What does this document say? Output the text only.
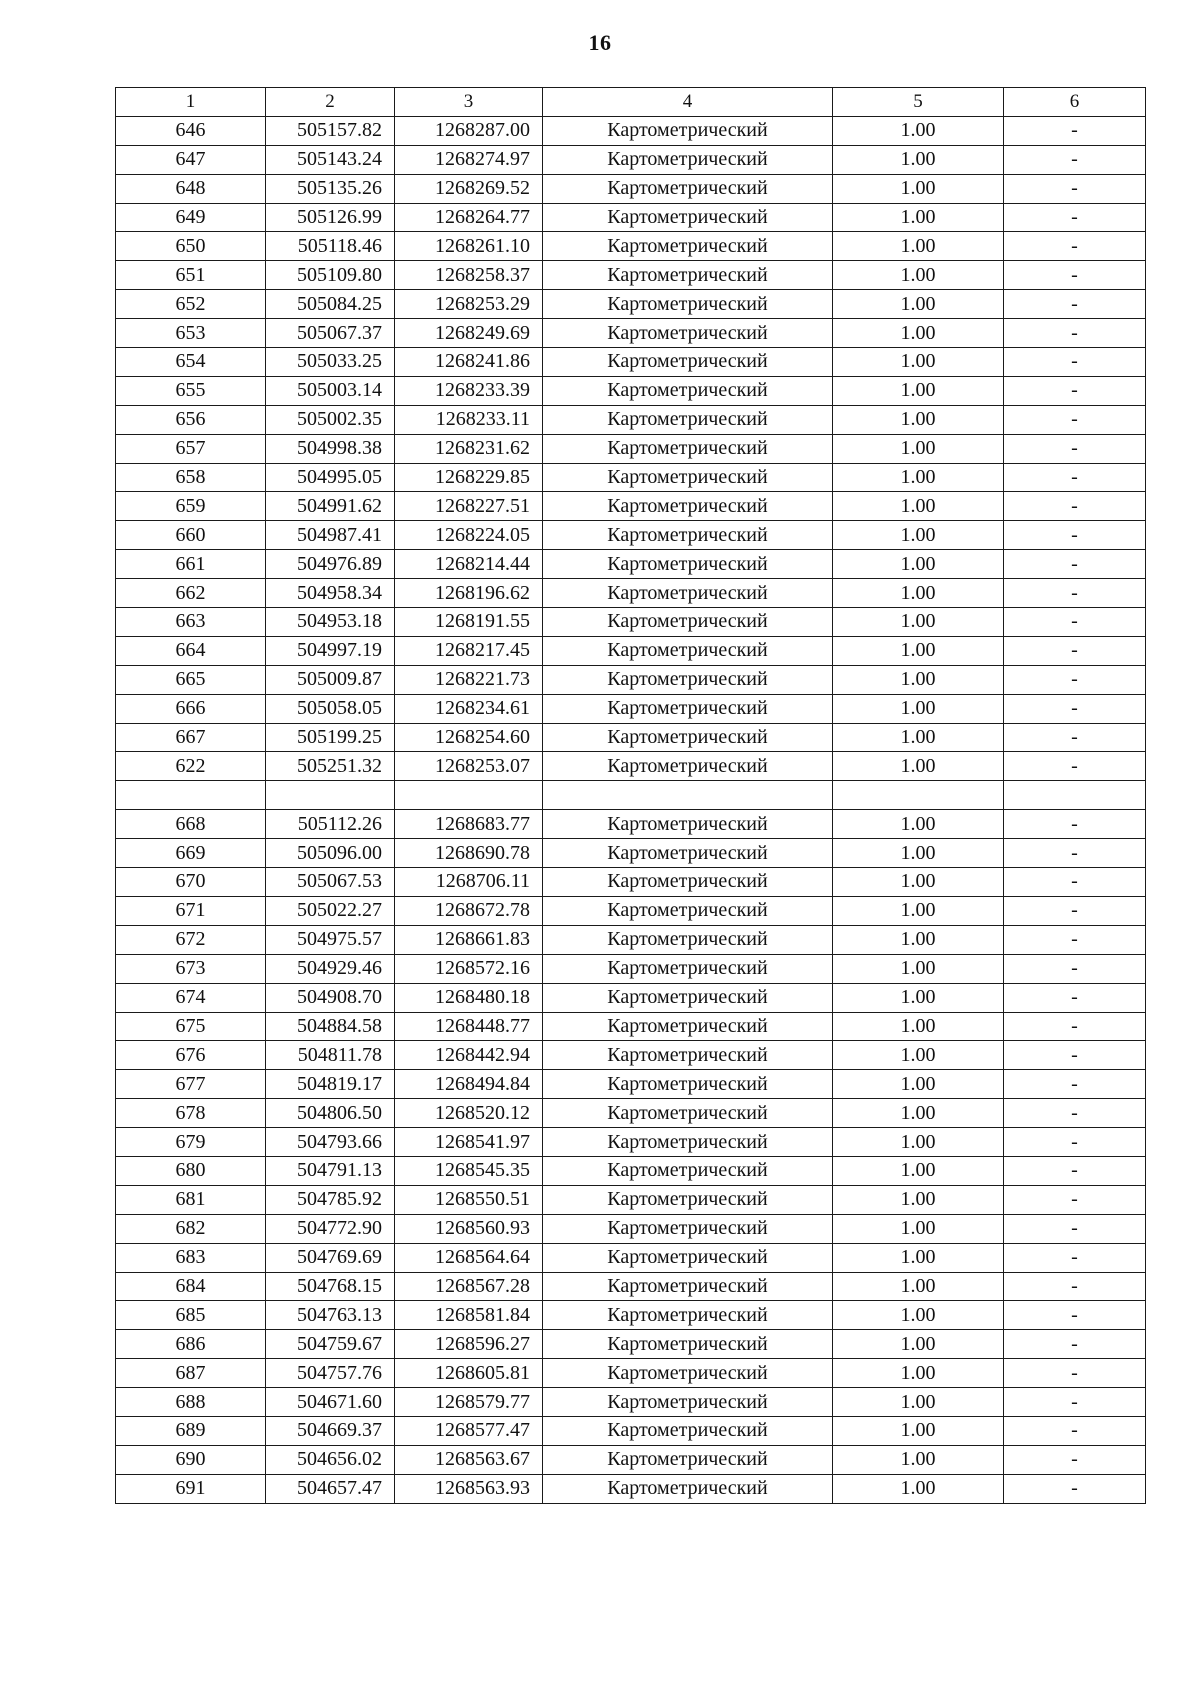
16
1	2	3	4	5	6
646	505157.82	1268287.00	Картометрический	1.00	-
647	505143.24	1268274.97	Картометрический	1.00	-
648	505135.26	1268269.52	Картометрический	1.00	-
649	505126.99	1268264.77	Картометрический	1.00	-
650	505118.46	1268261.10	Картометрический	1.00	-
651	505109.80	1268258.37	Картометрический	1.00	-
652	505084.25	1268253.29	Картометрический	1.00	-
653	505067.37	1268249.69	Картометрический	1.00	-
654	505033.25	1268241.86	Картометрический	1.00	-
655	505003.14	1268233.39	Картометрический	1.00	-
656	505002.35	1268233.11	Картометрический	1.00	-
657	504998.38	1268231.62	Картометрический	1.00	-
658	504995.05	1268229.85	Картометрический	1.00	-
659	504991.62	1268227.51	Картометрический	1.00	-
660	504987.41	1268224.05	Картометрический	1.00	-
661	504976.89	1268214.44	Картометрический	1.00	-
662	504958.34	1268196.62	Картометрический	1.00	-
663	504953.18	1268191.55	Картометрический	1.00	-
664	504997.19	1268217.45	Картометрический	1.00	-
665	505009.87	1268221.73	Картометрический	1.00	-
666	505058.05	1268234.61	Картометрический	1.00	-
667	505199.25	1268254.60	Картометрический	1.00	-
622	505251.32	1268253.07	Картометрический	1.00	-

668	505112.26	1268683.77	Картометрический	1.00	-
669	505096.00	1268690.78	Картометрический	1.00	-
670	505067.53	1268706.11	Картометрический	1.00	-
671	505022.27	1268672.78	Картометрический	1.00	-
672	504975.57	1268661.83	Картометрический	1.00	-
673	504929.46	1268572.16	Картометрический	1.00	-
674	504908.70	1268480.18	Картометрический	1.00	-
675	504884.58	1268448.77	Картометрический	1.00	-
676	504811.78	1268442.94	Картометрический	1.00	-
677	504819.17	1268494.84	Картометрический	1.00	-
678	504806.50	1268520.12	Картометрический	1.00	-
679	504793.66	1268541.97	Картометрический	1.00	-
680	504791.13	1268545.35	Картометрический	1.00	-
681	504785.92	1268550.51	Картометрический	1.00	-
682	504772.90	1268560.93	Картометрический	1.00	-
683	504769.69	1268564.64	Картометрический	1.00	-
684	504768.15	1268567.28	Картометрический	1.00	-
685	504763.13	1268581.84	Картометрический	1.00	-
686	504759.67	1268596.27	Картометрический	1.00	-
687	504757.76	1268605.81	Картометрический	1.00	-
688	504671.60	1268579.77	Картометрический	1.00	-
689	504669.37	1268577.47	Картометрический	1.00	-
690	504656.02	1268563.67	Картометрический	1.00	-
691	504657.47	1268563.93	Картометрический	1.00	-
